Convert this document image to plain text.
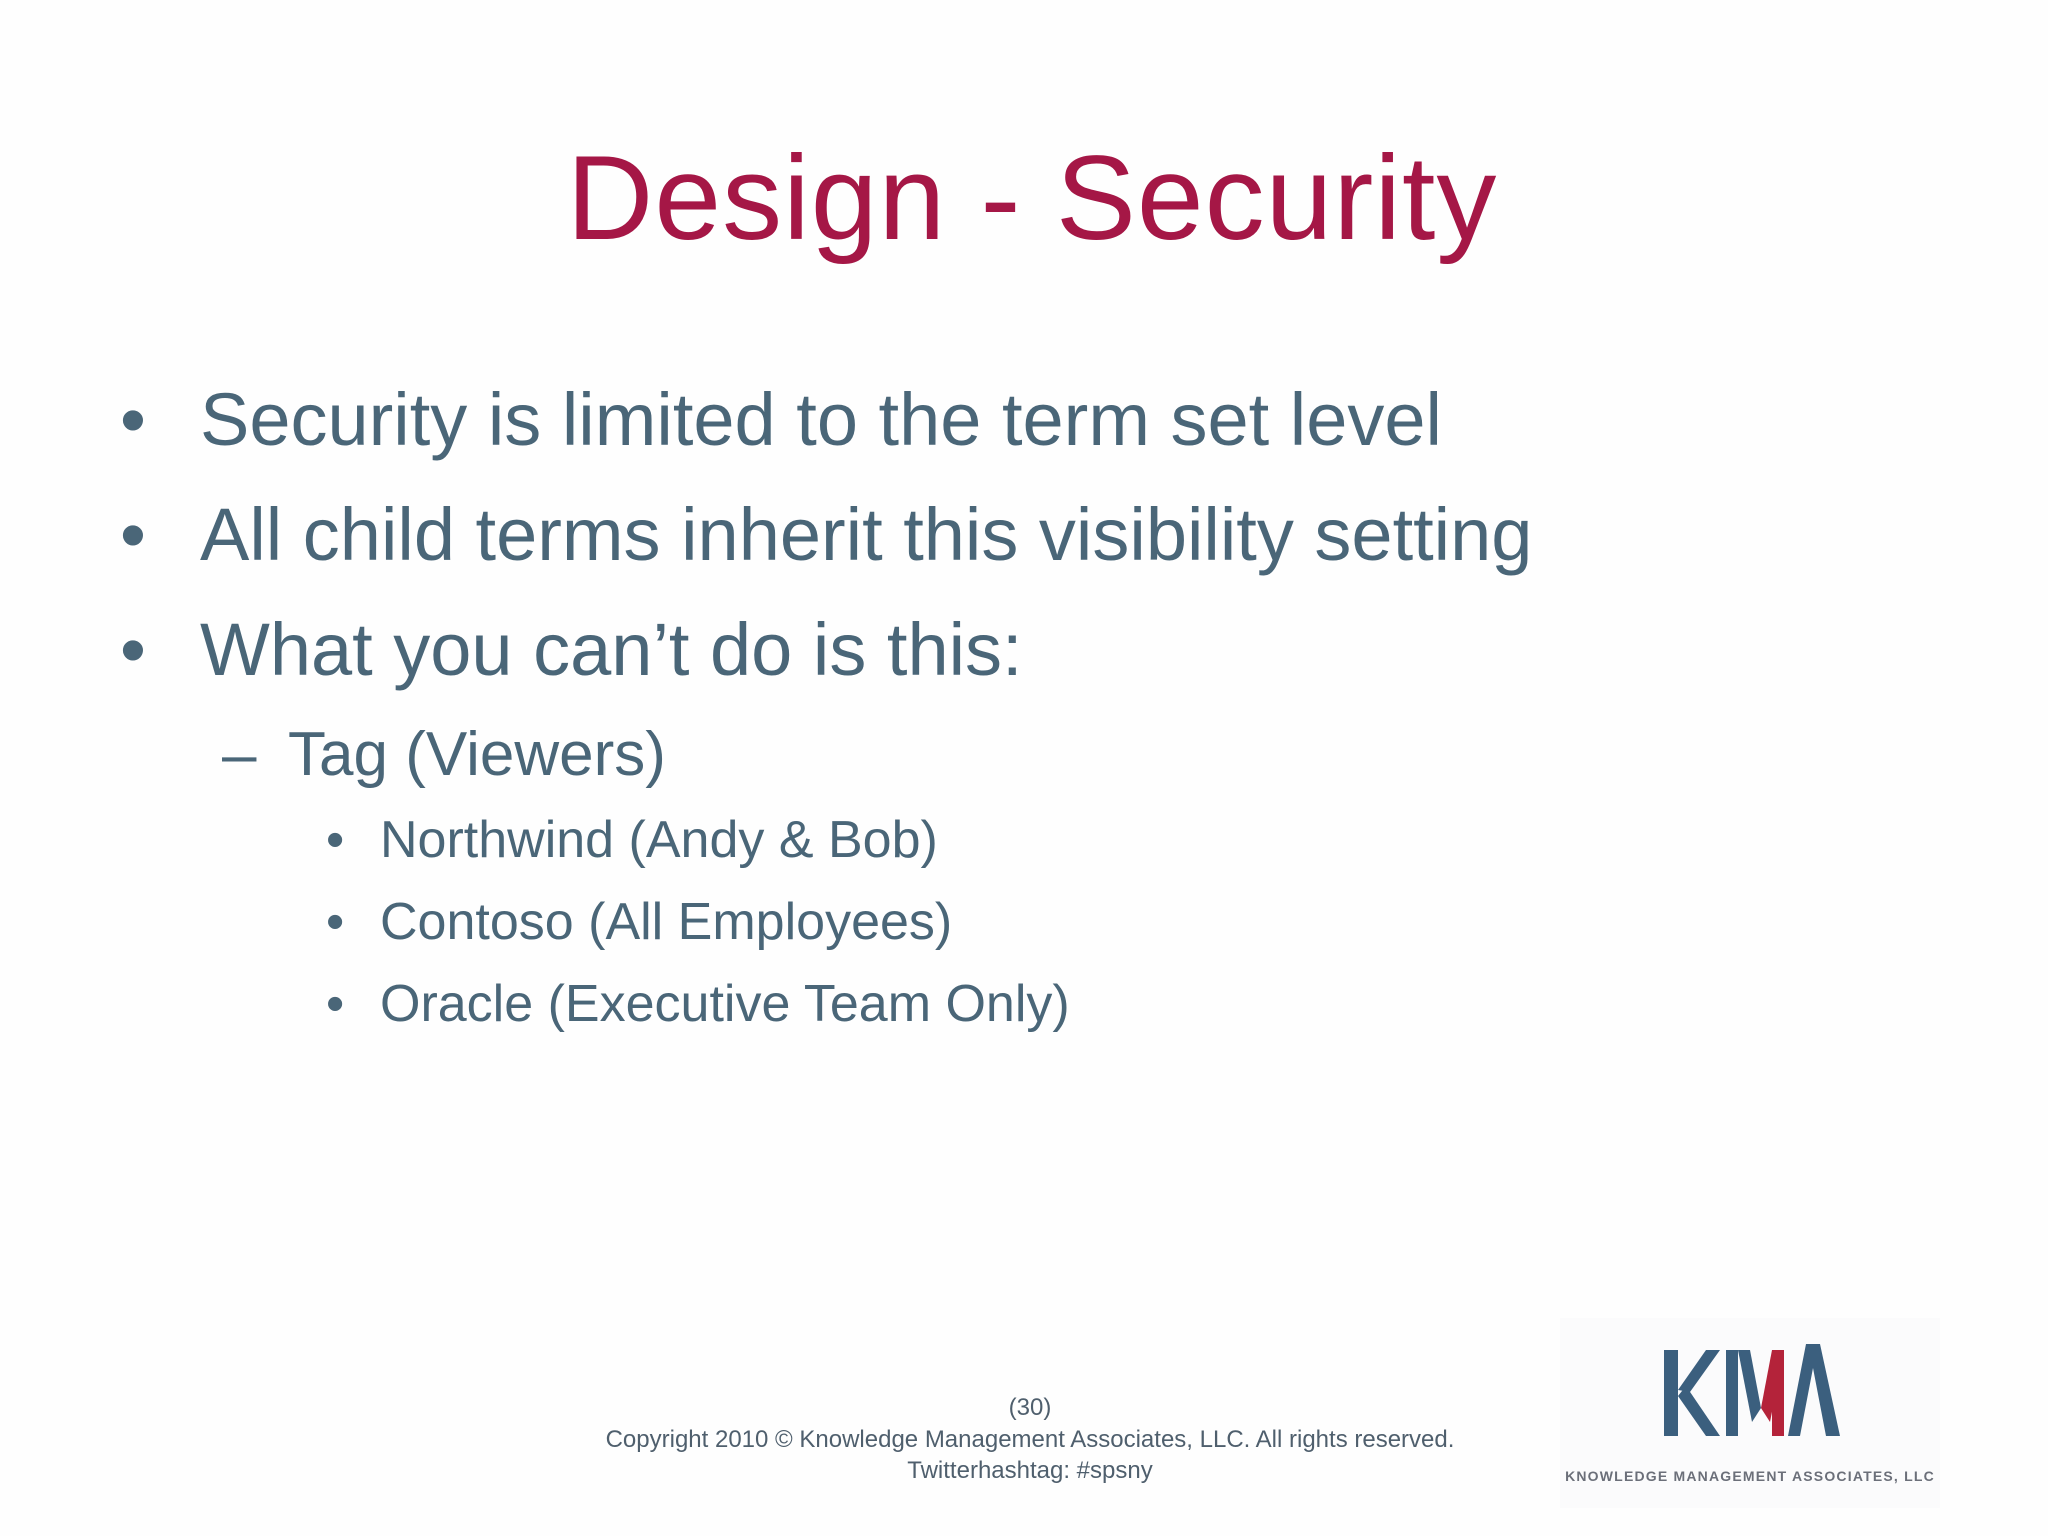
Design - Security
• Security is limited to the term set level
• All child terms inherit this visibility setting
• What you can’t do is this:
– Tag (Viewers)
• Northwind (Andy & Bob)
• Contoso (All Employees)
• Oracle (Executive Team Only)
(30)
Copyright 2010 © Knowledge Management Associates, LLC. All rights reserved.
Twitterhashtag: #spsny	KNOWLEDGE MANAGEMENT ASSOCIATES, LLC
